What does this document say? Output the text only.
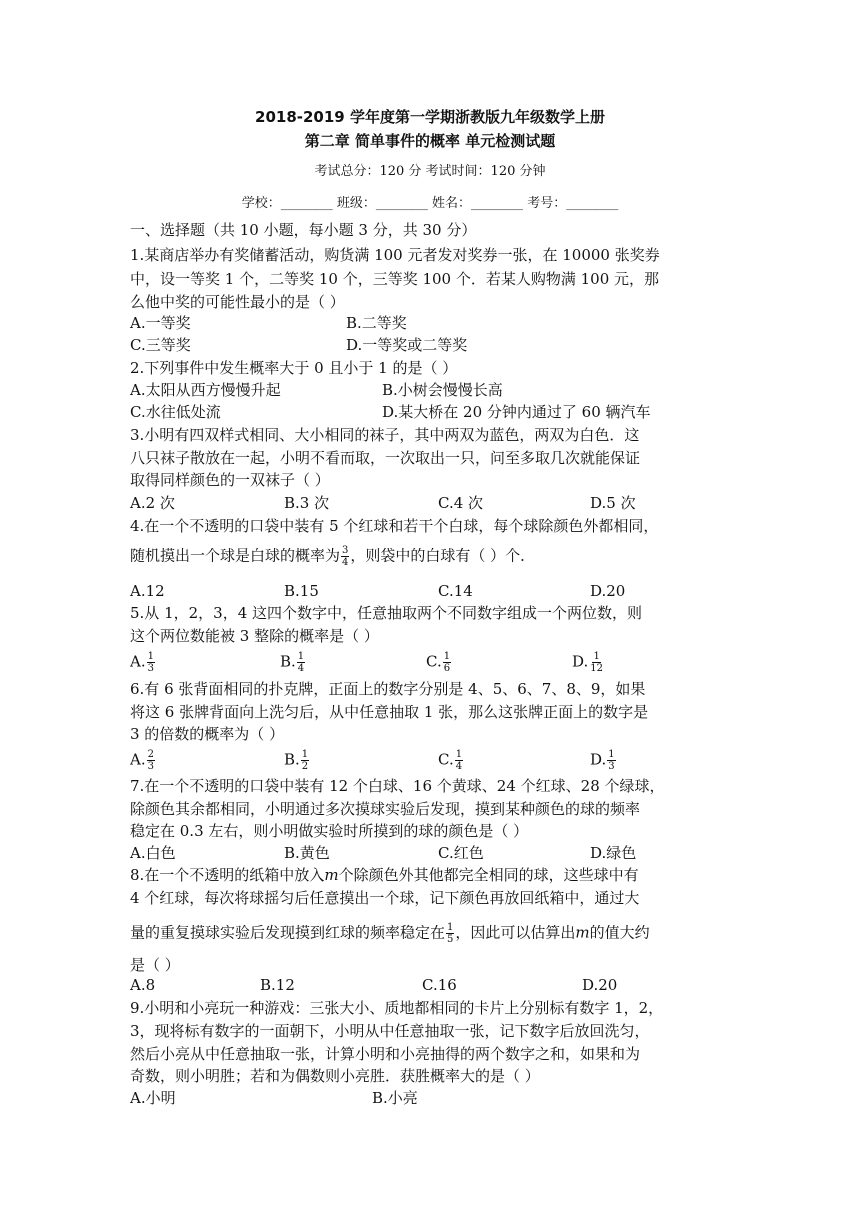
2018-2019 学年度第一学期浙教版九年级数学上册
第二章 简单事件的概率 单元检测试题
考试总分：120 分 考试时间：120 分钟
学校：________ 班级：________ 姓名：________ 考号：________
一、选择题（共 10 小题，每小题 3 分，共 30 分）
1.某商店举办有奖储蓄活动，购货满 100 元者发对奖券一张，在 10000 张奖券
中，设一等奖 1 个，二等奖 10 个，三等奖 100 个．若某人购物满 100 元，那
么他中奖的可能性最小的是（ ）
A.一等奖	B.二等奖
C.三等奖	D.一等奖或二等奖
2.下列事件中发生概率大于 0 且小于 1 的是（ ）
A.太阳从西方慢慢升起	B.小树会慢慢长高
C.水往低处流	D.某大桥在 20 分钟内通过了 60 辆汽车
3.小明有四双样式相同、大小相同的袜子，其中两双为蓝色，两双为白色．这
八只袜子散放在一起，小明不看而取，一次取出一只，问至多取几次就能保证
取得同样颜色的一双袜子（ ）
A.2 次	B.3 次	C.4 次	D.5 次
4.在一个不透明的口袋中装有 5 个红球和若干个白球，每个球除颜色外都相同，
随机摸出一个球是白球的概率为 $\frac{3}{4}$ ，则袋中的白球有（ ）个．
A.12	B.15	C.14	D.20
5.从 1，2，3，4 这四个数字中，任意抽取两个不同数字组成一个两位数，则
这个两位数能被 3 整除的概率是（ ）
A. $\frac{1}{3}$	B. $\frac{1}{4}$	C. $\frac{1}{6}$	D. $\frac{1}{12}$
6.有 6 张背面相同的扑克牌，正面上的数字分别是 4、5、6、7、8、9，如果
将这 6 张牌背面向上洗匀后，从中任意抽取 1 张，那么这张牌正面上的数字是
3 的倍数的概率为（ ）
A. $\frac{2}{3}$	B. $\frac{1}{2}$	C. $\frac{1}{4}$	D. $\frac{1}{3}$
7.在一个不透明的口袋中装有 12 个白球、16 个黄球、24 个红球、28 个绿球，
除颜色其余都相同，小明通过多次摸球实验后发现，摸到某种颜色的球的频率
稳定在 0.3 左右，则小明做实验时所摸到的球的颜色是（ ）
A.白色	B.黄色	C.红色	D.绿色
8.在一个不透明的纸箱中放入m个除颜色外其他都完全相同的球，这些球中有
4 个红球，每次将球摇匀后任意摸出一个球，记下颜色再放回纸箱中，通过大
量的重复摸球实验后发现摸到红球的频率稳定在 $\frac{1}{5}$ ，因此可以估算出m的值大约
是（ ）
A.8	B.12	C.16	D.20
9.小明和小亮玩一种游戏：三张大小、质地都相同的卡片上分别标有数字 1，2，
3，现将标有数字的一面朝下，小明从中任意抽取一张，记下数字后放回洗匀，
然后小亮从中任意抽取一张，计算小明和小亮抽得的两个数字之和，如果和为
奇数，则小明胜；若和为偶数则小亮胜．获胜概率大的是（ ）
A.小明	B.小亮
